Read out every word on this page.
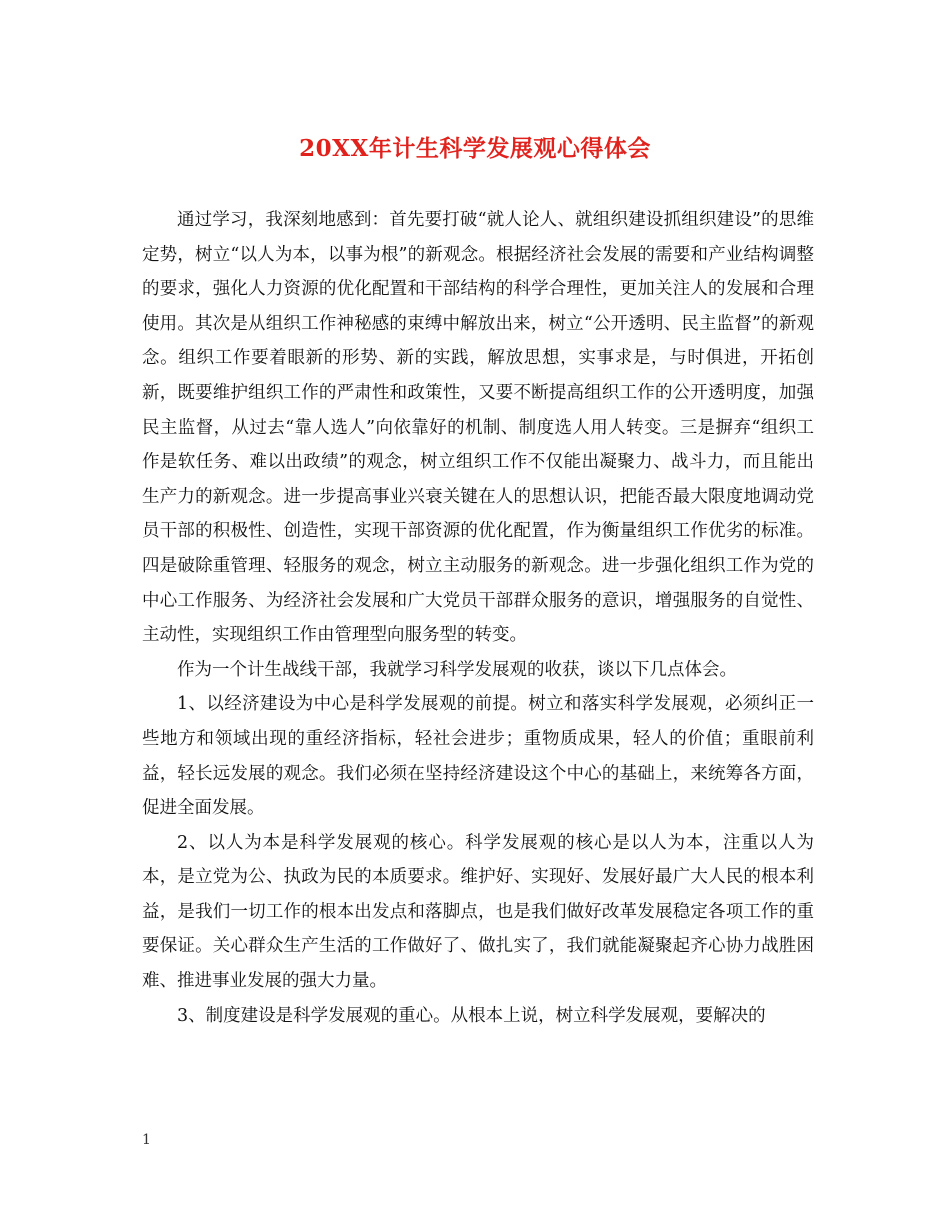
20XX年计生科学发展观心得体会

通过学习，我深刻地感到：首先要打破“就人论人、就组织建设抓组织建设”的思维定势，树立“以人为本，以事为根”的新观念。根据经济社会发展的需要和产业结构调整的要求，强化人力资源的优化配置和干部结构的科学合理性，更加关注人的发展和合理使用。其次是从组织工作神秘感的束缚中解放出来，树立“公开透明、民主监督”的新观念。组织工作要着眼新的形势、新的实践，解放思想，实事求是，与时俱进，开拓创新，既要维护组织工作的严肃性和政策性，又要不断提高组织工作的公开透明度，加强民主监督，从过去“靠人选人”向依靠好的机制、制度选人用人转变。三是摒弃“组织工作是软任务、难以出政绩”的观念，树立组织工作不仅能出凝聚力、战斗力，而且能出生产力的新观念。进一步提高事业兴衰关键在人的思想认识，把能否最大限度地调动党员干部的积极性、创造性，实现干部资源的优化配置，作为衡量组织工作优劣的标准。四是破除重管理、轻服务的观念，树立主动服务的新观念。进一步强化组织工作为党的中心工作服务、为经济社会发展和广大党员干部群众服务的意识，增强服务的自觉性、主动性，实现组织工作由管理型向服务型的转变。

作为一个计生战线干部，我就学习科学发展观的收获，谈以下几点体会。

1、以经济建设为中心是科学发展观的前提。树立和落实科学发展观，必须纠正一些地方和领域出现的重经济指标，轻社会进步；重物质成果，轻人的价值；重眼前利益，轻长远发展的观念。我们必须在坚持经济建设这个中心的基础上，来统筹各方面，促进全面发展。

2、以人为本是科学发展观的核心。科学发展观的核心是以人为本，注重以人为本，是立党为公、执政为民的本质要求。维护好、实现好、发展好最广大人民的根本利益，是我们一切工作的根本出发点和落脚点，也是我们做好改革发展稳定各项工作的重要保证。关心群众生产生活的工作做好了、做扎实了，我们就能凝聚起齐心协力战胜困难、推进事业发展的强大力量。

3、制度建设是科学发展观的重心。从根本上说，树立科学发展观，要解决的

1
